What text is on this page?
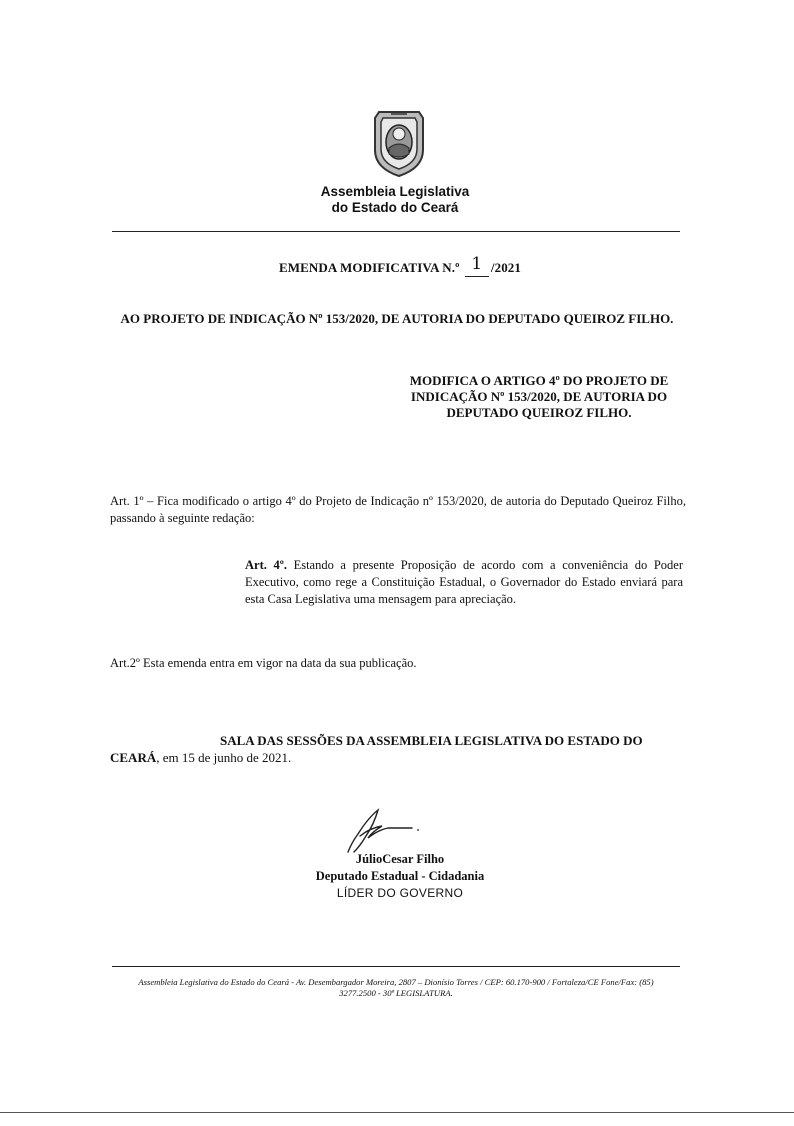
Assembleia Legislativa
do Estado do Ceará
EMENDA MODIFICATIVA N.º 1 /2021
AO PROJETO DE INDICAÇÃO Nº 153/2020, DE AUTORIA DO DEPUTADO QUEIROZ FILHO.
MODIFICA O ARTIGO 4º DO PROJETO DE INDICAÇÃO Nº 153/2020, DE AUTORIA DO DEPUTADO QUEIROZ FILHO.
Art. 1º – Fica modificado o artigo 4º do Projeto de Indicação nº 153/2020, de autoria do Deputado Queiroz Filho, passando à seguinte redação:
Art. 4º. Estando a presente Proposição de acordo com a conveniência do Poder Executivo, como rege a Constituição Estadual, o Governador do Estado enviará para esta Casa Legislativa uma mensagem para apreciação.
Art.2º Esta emenda entra em vigor na data da sua publicação.
SALA DAS SESSÕES DA ASSEMBLEIA LEGISLATIVA DO ESTADO DO CEARÁ, em 15 de junho de 2021.
JúlioCesar Filho
Deputado Estadual - Cidadania
LÍDER DO GOVERNO
Assembleia Legislativa do Estado do Ceará - Av. Desembargador Moreira, 2807 – Dionísio Torres / CEP: 60.170-900 / Fortaleza/CE Fone/Fax: (85)
3277.2500 - 30ª LEGISLATURA.
